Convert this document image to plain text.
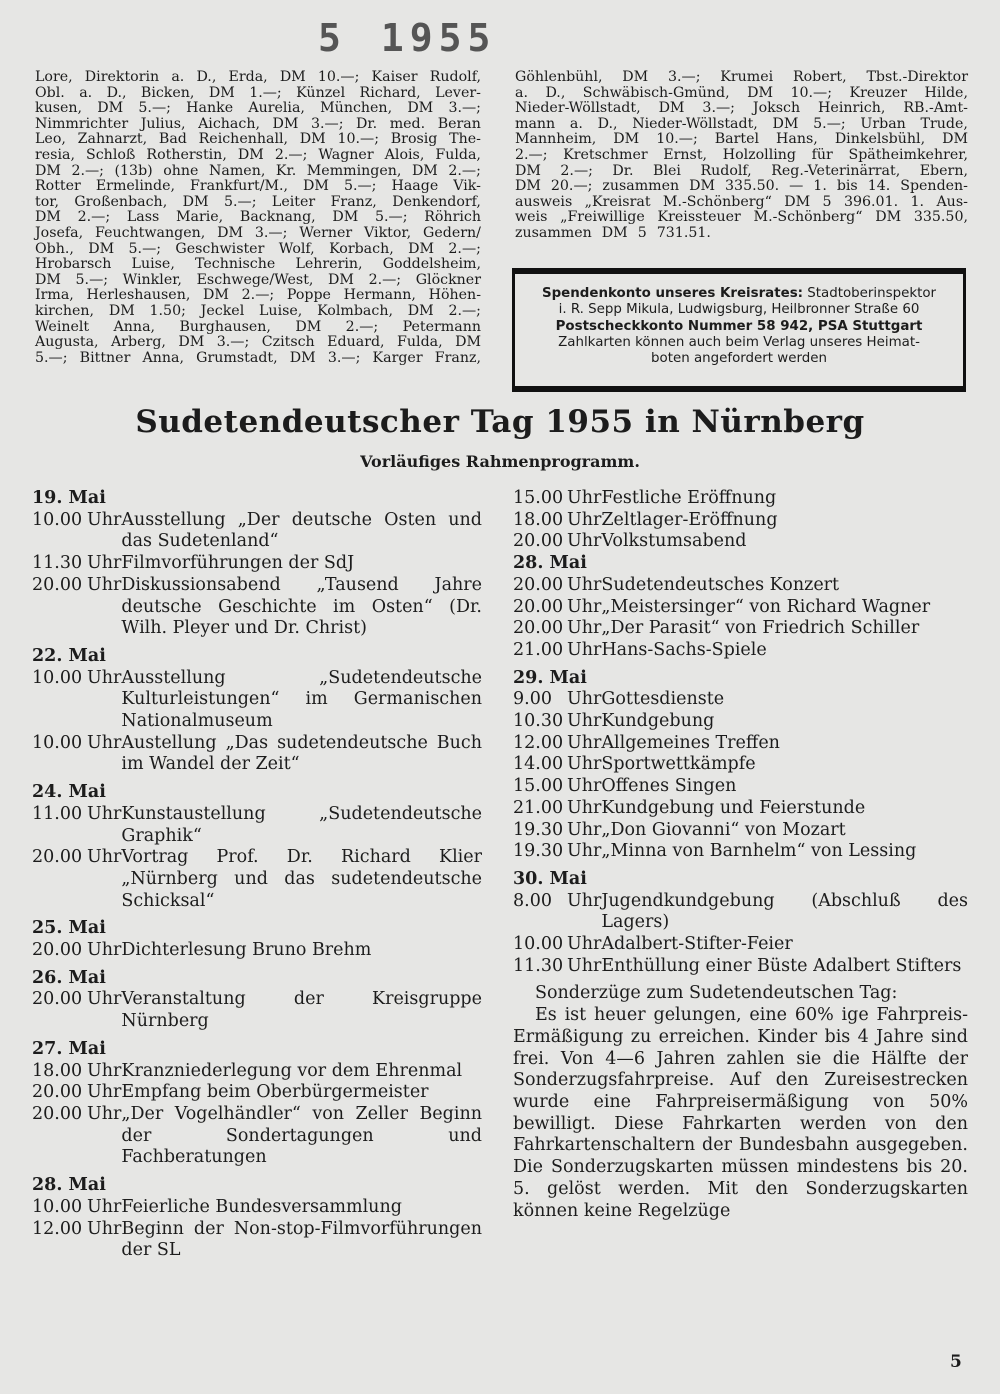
5 1955
Lore, Direktorin a. D., Erda, DM 10.—; Kaiser Rudolf,
Obl. a. D., Bicken, DM 1.—; Künzel Richard, Lever-
kusen, DM 5.—; Hanke Aurelia, München, DM 3.—;
Nimmrichter Julius, Aichach, DM 3.—; Dr. med. Beran
Leo, Zahnarzt, Bad Reichenhall, DM 10.—; Brosig The-
resia, Schloß Rotherstin, DM 2.—; Wagner Alois, Fulda,
DM 2.—; (13b) ohne Namen, Kr. Memmingen, DM 2.—;
Rotter Ermelinde, Frankfurt/M., DM 5.—; Haage Vik-
tor, Großenbach, DM 5.—; Leiter Franz, Denkendorf,
DM 2.—; Lass Marie, Backnang, DM 5.—; Röhrich
Josefa, Feuchtwangen, DM 3.—; Werner Viktor, Gedern/
Obh., DM 5.—; Geschwister Wolf, Korbach, DM 2.—;
Hrobarsch Luise, Technische Lehrerin, Goddelsheim,
DM 5.—; Winkler, Eschwege/West, DM 2.—; Glöckner
Irma, Herleshausen, DM 2.—; Poppe Hermann, Höhen-
kirchen, DM 1.50; Jeckel Luise, Kolmbach, DM 2.—;
Weinelt Anna, Burghausen, DM 2.—; Petermann
Augusta, Arberg, DM 3.—; Czitsch Eduard, Fulda, DM
5.—; Bittner Anna, Grumstadt, DM 3.—; Karger Franz,
Göhlenbühl, DM 3.—; Krumei Robert, Tbst.-Direktor
a. D., Schwäbisch-Gmünd, DM 10.—; Kreuzer Hilde,
Nieder-Wöllstadt, DM 3.—; Joksch Heinrich, RB.-Amt-
mann a. D., Nieder-Wöllstadt, DM 5.—; Urban Trude,
Mannheim, DM 10.—; Bartel Hans, Dinkelsbühl, DM
2.—; Kretschmer Ernst, Holzolling für Spätheimkehrer,
DM 2.—; Dr. Blei Rudolf, Reg.-Veterinärrat, Ebern,
DM 20.—; zusammen DM 335.50. — 1. bis 14. Spenden-
ausweis „Kreisrat M.-Schönberg“ DM 5 396.01. 1. Aus-
weis „Freiwillige Kreissteuer M.-Schönberg“ DM 335.50,
zusammen DM 5 731.51.
Spendenkonto unseres Kreisrates: Stadtoberinspektor
i. R. Sepp Mikula, Ludwigsburg, Heilbronner Straße 60
Postscheckkonto Nummer 58 942, PSA Stuttgart
Zahlkarten können auch beim Verlag unseres Heimat-
boten angefordert werden
Sudetendeutscher Tag 1955 in Nürnberg
Vorläufiges Rahmenprogramm.
19. Mai
10.00 Uhr Ausstellung „Der deutsche Osten und das Sudetenland“
11.30 Uhr Filmvorführungen der SdJ
20.00 Uhr Diskussionsabend „Tausend Jahre deutsche Geschichte im Osten“ (Dr. Wilh. Pleyer und Dr. Christ)
22. Mai
10.00 Uhr Ausstellung „Sudetendeutsche Kulturleistungen“ im Germanischen Nationalmuseum
10.00 Uhr Austellung „Das sudetendeutsche Buch im Wandel der Zeit“
24. Mai
11.00 Uhr Kunstaustellung „Sudetendeutsche Graphik“
20.00 Uhr Vortrag Prof. Dr. Richard Klier „Nürnberg und das sudetendeutsche Schicksal“
25. Mai
20.00 Uhr Dichterlesung Bruno Brehm
26. Mai
20.00 Uhr Veranstaltung der Kreisgruppe Nürnberg
27. Mai
18.00 Uhr Kranzniederlegung vor dem Ehrenmal
20.00 Uhr Empfang beim Oberbürgermeister
20.00 Uhr „Der Vogelhändler“ von Zeller Beginn der Sondertagungen und Fachberatungen
28. Mai
10.00 Uhr Feierliche Bundesversammlung
12.00 Uhr Beginn der Non-stop-Filmvorführungen der SL
15.00 Uhr Festliche Eröffnung
18.00 Uhr Zeltlager-Eröffnung
20.00 Uhr Volkstumsabend
28. Mai
20.00 Uhr Sudetendeutsches Konzert
20.00 Uhr „Meistersinger“ von Richard Wagner
20.00 Uhr „Der Parasit“ von Friedrich Schiller
21.00 Uhr Hans-Sachs-Spiele
29. Mai
9.00 Uhr Gottesdienste
10.30 Uhr Kundgebung
12.00 Uhr Allgemeines Treffen
14.00 Uhr Sportwettkämpfe
15.00 Uhr Offenes Singen
21.00 Uhr Kundgebung und Feierstunde
19.30 Uhr „Don Giovanni“ von Mozart
19.30 Uhr „Minna von Barnhelm“ von Lessing
30. Mai
8.00 Uhr Jugendkundgebung (Abschluß des Lagers)
10.00 Uhr Adalbert-Stifter-Feier
11.30 Uhr Enthüllung einer Büste Adalbert Stifters
Sonderzüge zum Sudetendeutschen Tag:
Es ist heuer gelungen, eine 60% ige Fahrpreis-Ermäßigung zu erreichen. Kinder bis 4 Jahre sind frei. Von 4—6 Jahren zahlen sie die Hälfte der Sonderzugsfahrpreise. Auf den Zureisestrecken wurde eine Fahrpreisermäßigung von 50% bewilligt. Diese Fahrkarten werden von den Fahrkartenschaltern der Bundesbahn ausgegeben. Die Sonderzugskarten müssen mindestens bis 20. 5. gelöst werden. Mit den Sonderzugskarten können keine Regelzüge
5
